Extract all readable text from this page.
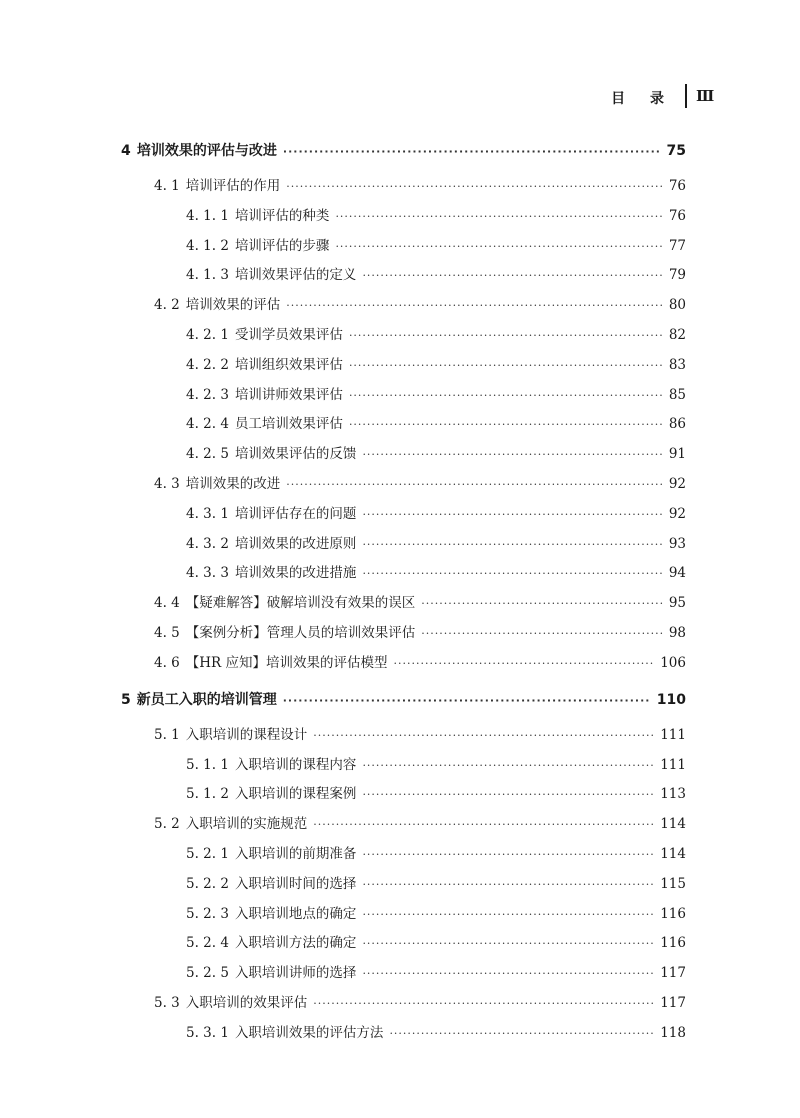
目 录 Ⅲ
4 培训效果的评估与改进 ·····	75
4. 1 培训评估的作用 ·····	76
4. 1. 1 培训评估的种类 ·····	76
4. 1. 2 培训评估的步骤 ·····	77
4. 1. 3 培训效果评估的定义 ·····	79
4. 2 培训效果的评估 ·····	80
4. 2. 1 受训学员效果评估 ·····	82
4. 2. 2 培训组织效果评估 ·····	83
4. 2. 3 培训讲师效果评估 ·····	85
4. 2. 4 员工培训效果评估 ·····	86
4. 2. 5 培训效果评估的反馈 ·····	91
4. 3 培训效果的改进 ·····	92
4. 3. 1 培训评估存在的问题 ·····	92
4. 3. 2 培训效果的改进原则 ·····	93
4. 3. 3 培训效果的改进措施 ·····	94
4. 4 【疑难解答】破解培训没有效果的误区 ·····	95
4. 5 【案例分析】管理人员的培训效果评估 ·····	98
4. 6 【HR 应知】培训效果的评估模型 ·····	106
5 新员工入职的培训管理 ·····	110
5. 1 入职培训的课程设计 ·····	111
5. 1. 1 入职培训的课程内容 ·····	111
5. 1. 2 入职培训的课程案例 ·····	113
5. 2 入职培训的实施规范 ·····	114
5. 2. 1 入职培训的前期准备 ·····	114
5. 2. 2 入职培训时间的选择 ·····	115
5. 2. 3 入职培训地点的确定 ·····	116
5. 2. 4 入职培训方法的确定 ·····	116
5. 2. 5 入职培训讲师的选择 ·····	117
5. 3 入职培训的效果评估 ·····	117
5. 3. 1 入职培训效果的评估方法 ·····	118
